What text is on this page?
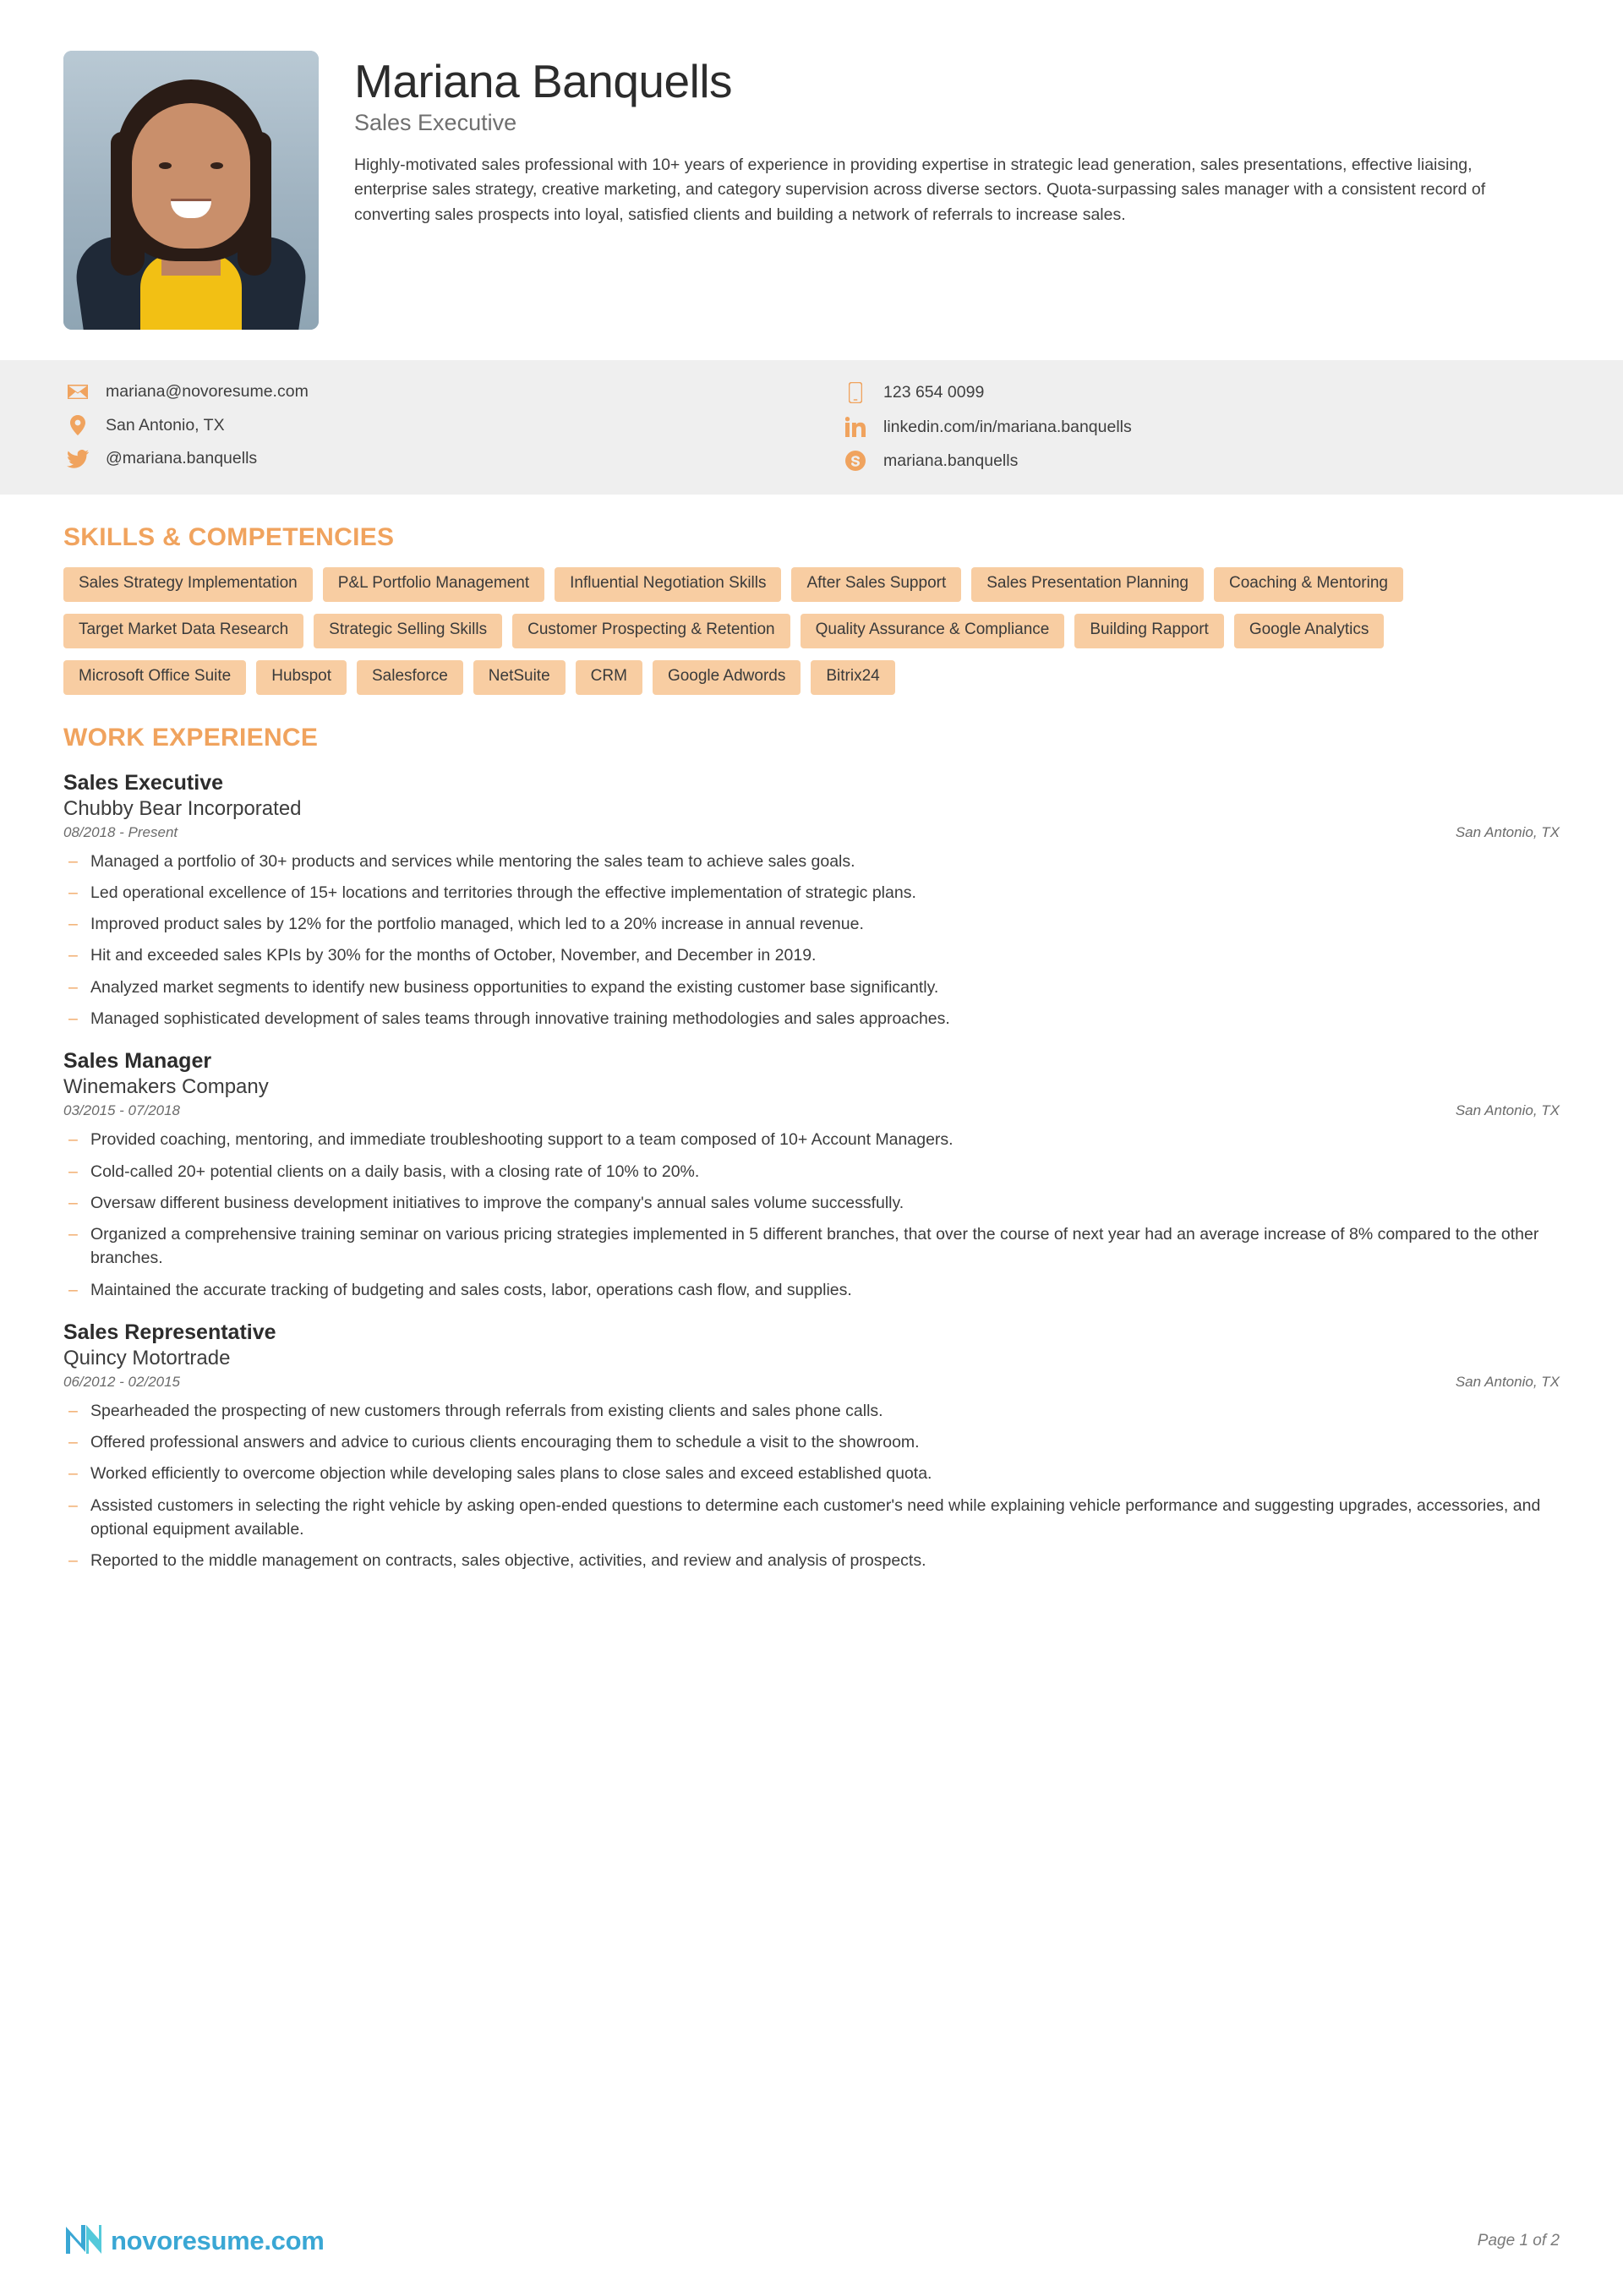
Mariana Banquells
Sales Executive

Highly-motivated sales professional with 10+ years of experience in providing expertise in strategic lead generation, sales presentations, effective liaising, enterprise sales strategy, creative marketing, and category supervision across diverse sectors. Quota-surpassing sales manager with a consistent record of converting sales prospects into loyal, satisfied clients and building a network of referrals to increase sales.

mariana@novoresume.com
San Antonio, TX
@mariana.banquells
123 654 0099
linkedin.com/in/mariana.banquells
mariana.banquells
SKILLS & COMPETENCIES
Sales Strategy Implementation	P&L Portfolio Management	Influential Negotiation Skills	After Sales Support	Sales Presentation Planning	Coaching & Mentoring
Target Market Data Research	Strategic Selling Skills	Customer Prospecting & Retention	Quality Assurance & Compliance	Building Rapport	Google Analytics
Microsoft Office Suite	Hubspot	Salesforce	NetSuite	CRM	Google Adwords	Bitrix24
WORK EXPERIENCE
Sales Executive
Chubby Bear Incorporated
08/2018 - Present	San Antonio, TX
– Managed a portfolio of 30+ products and services while mentoring the sales team to achieve sales goals.
– Led operational excellence of 15+ locations and territories through the effective implementation of strategic plans.
– Improved product sales by 12% for the portfolio managed, which led to a 20% increase in annual revenue.
– Hit and exceeded sales KPIs by 30% for the months of October, November, and December in 2019.
– Analyzed market segments to identify new business opportunities to expand the existing customer base significantly.
– Managed sophisticated development of sales teams through innovative training methodologies and sales approaches.
Sales Manager
Winemakers Company
03/2015 - 07/2018	San Antonio, TX
– Provided coaching, mentoring, and immediate troubleshooting support to a team composed of 10+ Account Managers.
– Cold-called 20+ potential clients on a daily basis, with a closing rate of 10% to 20%.
– Oversaw different business development initiatives to improve the company's annual sales volume successfully.
– Organized a comprehensive training seminar on various pricing strategies implemented in 5 different branches, that over the course of next year had an average increase of 8% compared to the other branches.
– Maintained the accurate tracking of budgeting and sales costs, labor, operations cash flow, and supplies.
Sales Representative
Quincy Motortrade
06/2012 - 02/2015	San Antonio, TX
– Spearheaded the prospecting of new customers through referrals from existing clients and sales phone calls.
– Offered professional answers and advice to curious clients encouraging them to schedule a visit to the showroom.
– Worked efficiently to overcome objection while developing sales plans to close sales and exceed established quota.
– Assisted customers in selecting the right vehicle by asking open-ended questions to determine each customer's need while explaining vehicle performance and suggesting upgrades, accessories, and optional equipment available.
– Reported to the middle management on contracts, sales objective, activities, and review and analysis of prospects.
novoresume.com	Page 1 of 2
